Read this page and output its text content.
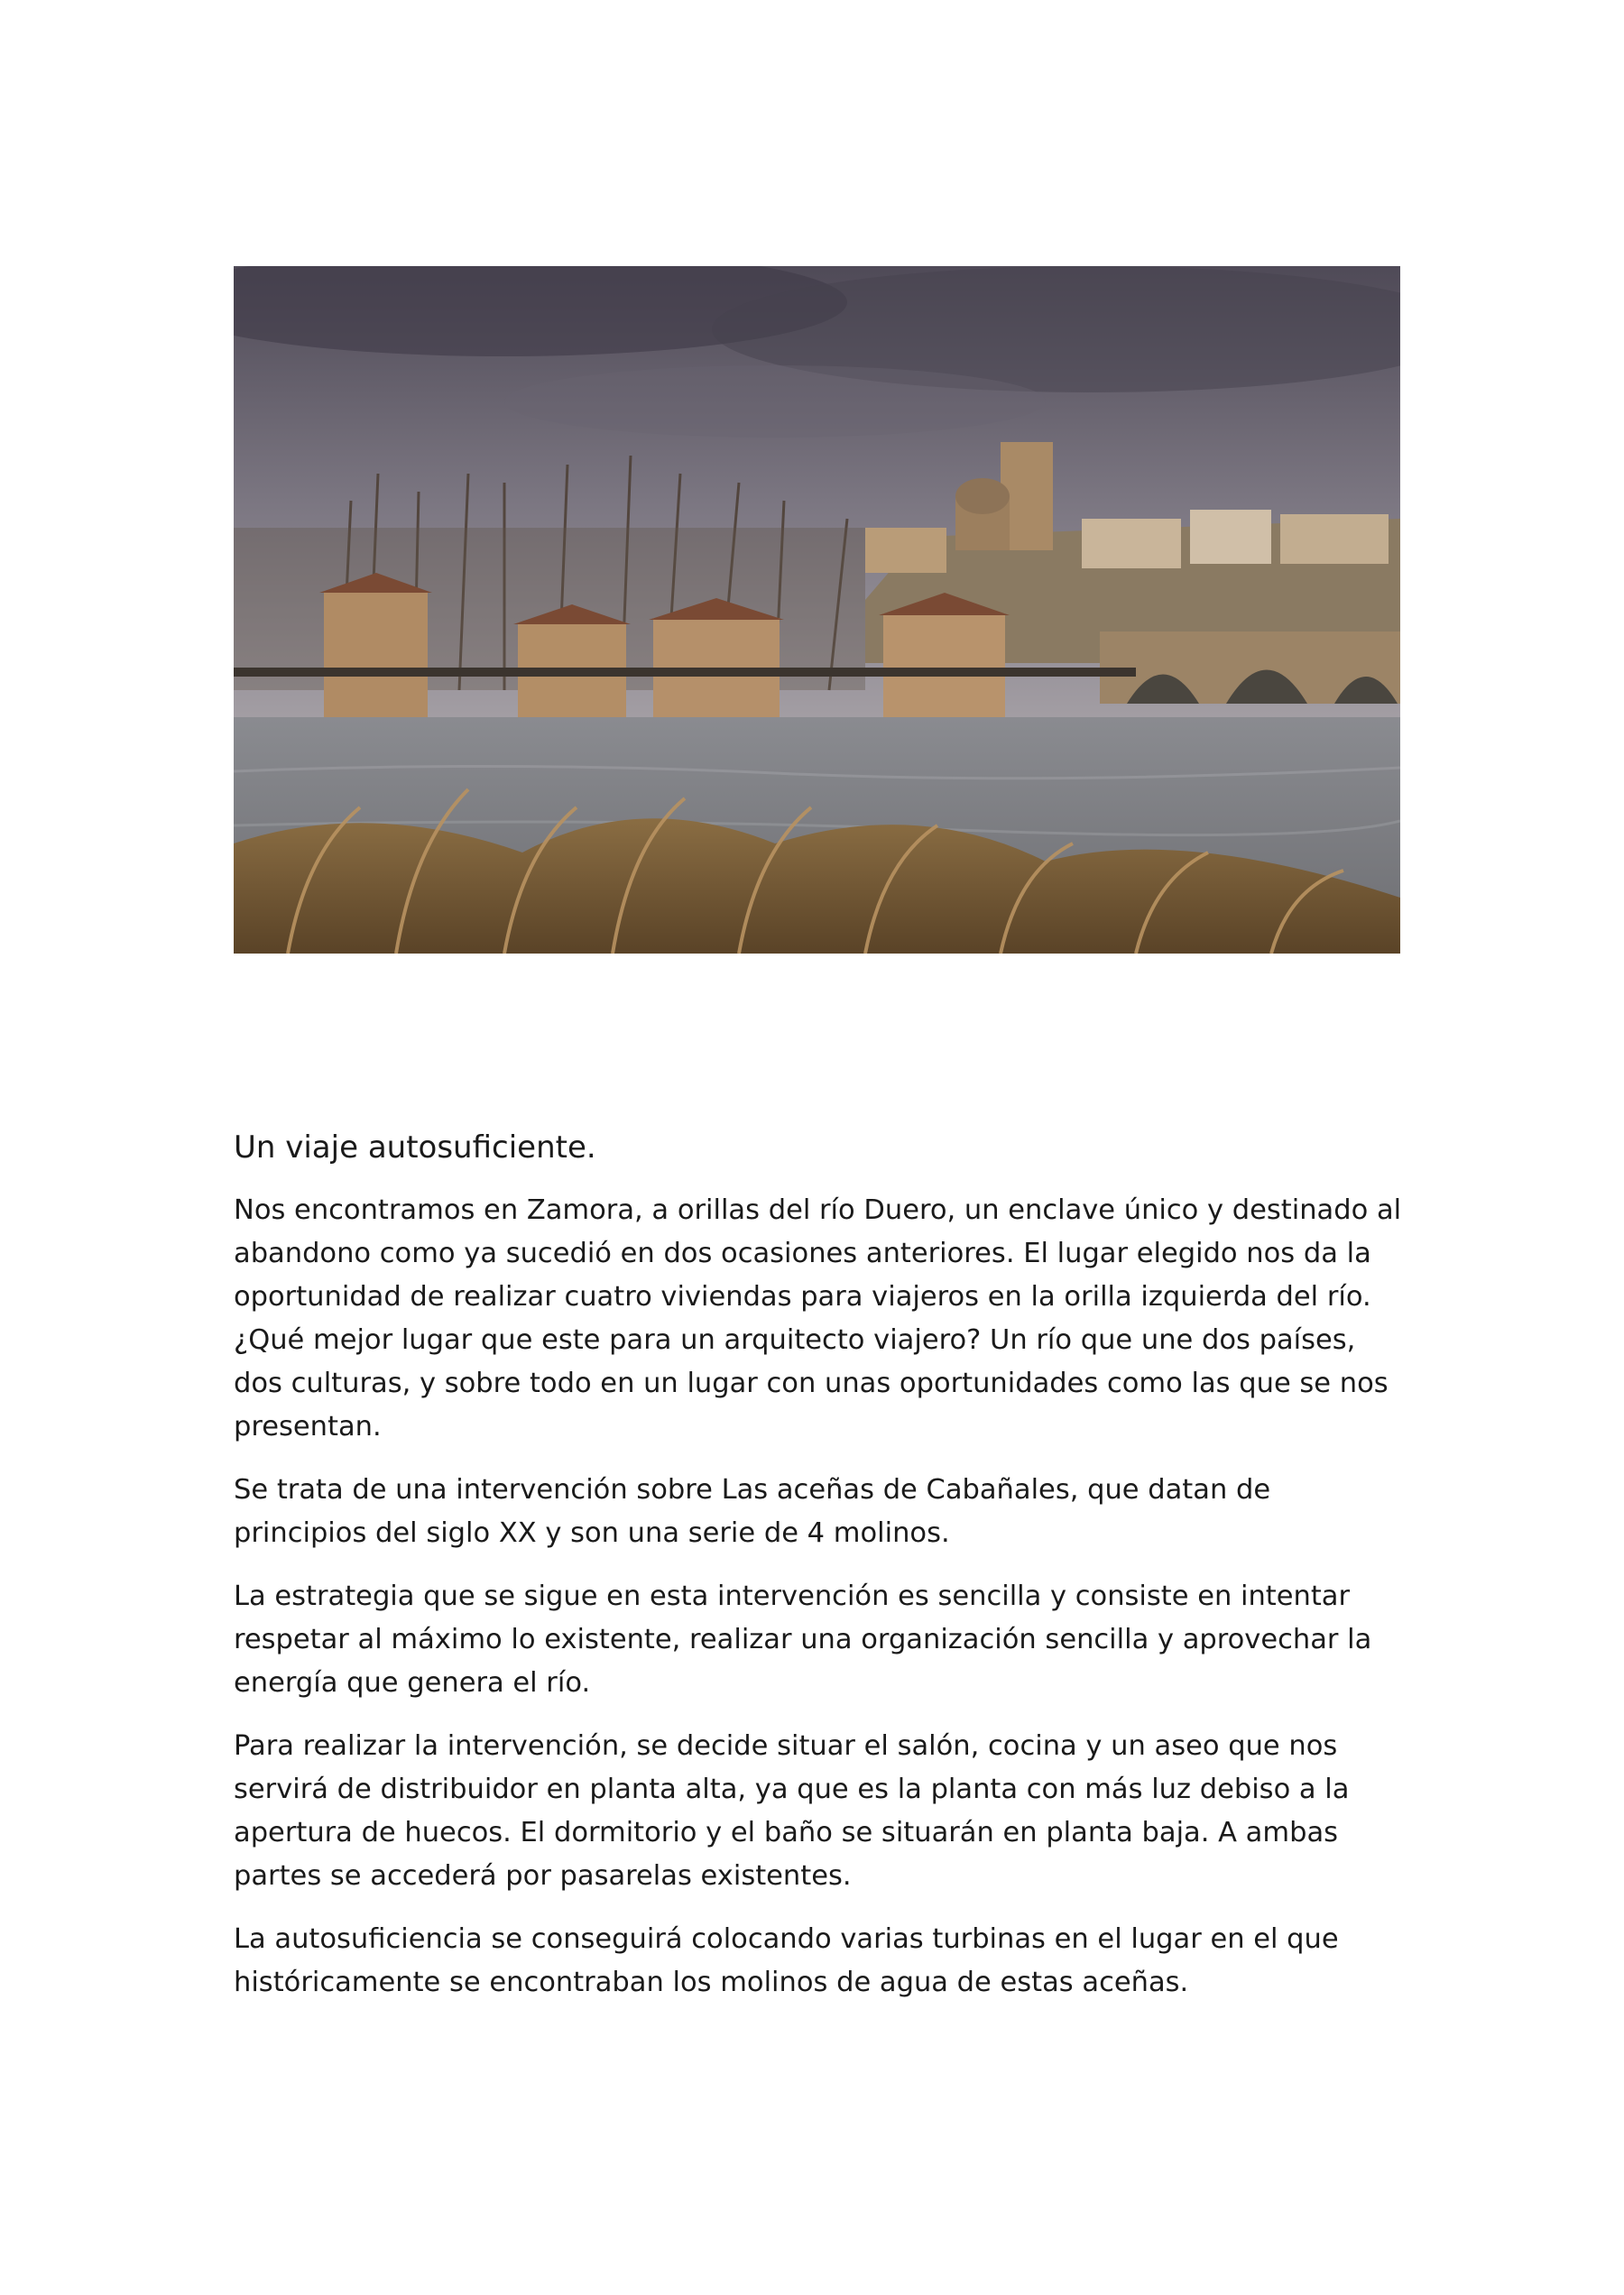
Un viaje autosuficiente.

Nos encontramos en Zamora, a orillas del río Duero, un enclave único y destinado al abandono como ya sucedió en dos ocasiones anteriores. El lugar elegido nos da la oportunidad de realizar cuatro viviendas para viajeros en la orilla izquierda del río. ¿Qué mejor lugar que este para un arquitecto viajero? Un río que une dos países, dos culturas, y sobre todo en un lugar con unas oportunidades como las que se nos presentan.

Se trata de una intervención sobre Las aceñas de Cabañales, que datan de principios del siglo XX y son una serie de 4 molinos.

La estrategia que se sigue en esta intervención es sencilla y consiste en intentar respetar al máximo lo existente, realizar una organización sencilla y aprovechar la energía que genera el río.

Para realizar la intervención, se decide situar el salón, cocina y un aseo que nos servirá de distribuidor en planta alta, ya que es la planta con más luz debiso a la apertura de huecos. El dormitorio y el baño se situarán en planta baja. A ambas partes se accederá por pasarelas existentes.

La autosuficiencia se conseguirá colocando varias turbinas en el lugar en el que históricamente se encontraban los molinos de agua de estas aceñas.
